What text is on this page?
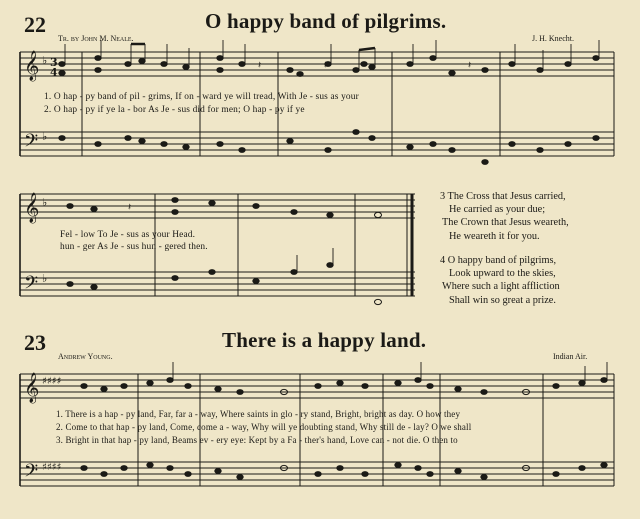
22	O happy band of pilgrims.
Tr. by John M. Neale.	J. H. Knecht.
𝄞
𝄢
𝄞
𝄢
𝄞
𝄢
♭
♭
♭
♭
♯♯♯♯
♯♯♯♯
3
4
𝄽	𝄽
𝄽
𝄽
1. O hap - py band of pil - grims, If on - ward ye will tread, With Je - sus as your
2. O hap - py if ye la - bor As Je - sus did for men; O hap - py if ye
Fel - low To Je - sus as your Head.
hun - ger As Je - sus hun - gered then.
3 The Cross that Jesus carried,
He carried as your due;
The Crown that Jesus weareth,
He weareth it for you.
4 O happy band of pilgrims,
Look upward to the skies,
Where such a light affliction
Shall win so great a prize.
23	There is a happy land.
Andrew Young.	Indian Air.
1. There is a hap - py land, Far, far a - way, Where saints in glo - ry stand, Bright, bright as day. O how they
2. Come to that hap - py land, Come, come a - way, Why will ye doubting stand, Why still de - lay? O we shall
3. Bright in that hap - py land, Beams ev - ery eye: Kept by a Fa - ther's hand, Love can - not die. O then to
